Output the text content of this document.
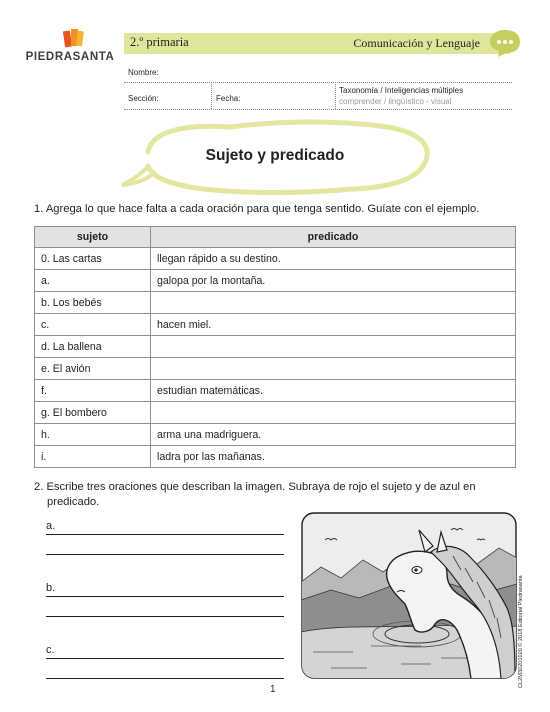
PIEDRASANTA
2.º primaria	Comunicación y Lenguaje
Nombre:
Sección:	Fecha:
Taxonomía / Inteligencias múltiples
comprender / lingüístico - visual
Sujeto y predicado
1. Agrega lo que hace falta a cada oración para que tenga sentido. Guíate con el ejemplo.
sujeto	predicado
0. Las cartas	llegan rápido a su destino.
a.	galopa por la montaña.
b. Los bebés	
c.	hacen miel.
d. La ballena	
e. El avión	
f.	estudian matemáticas.
g. El bombero	
h.	arma una madriguera.
i.	ladra por las mañanas.
2. Escribe tres oraciones que describan la imagen. Subraya de rojo el sujeto y de azul en
predicado.
a.
b.
c.	CL2M30201020 © 2018 Editorial Piedrasanta
1
